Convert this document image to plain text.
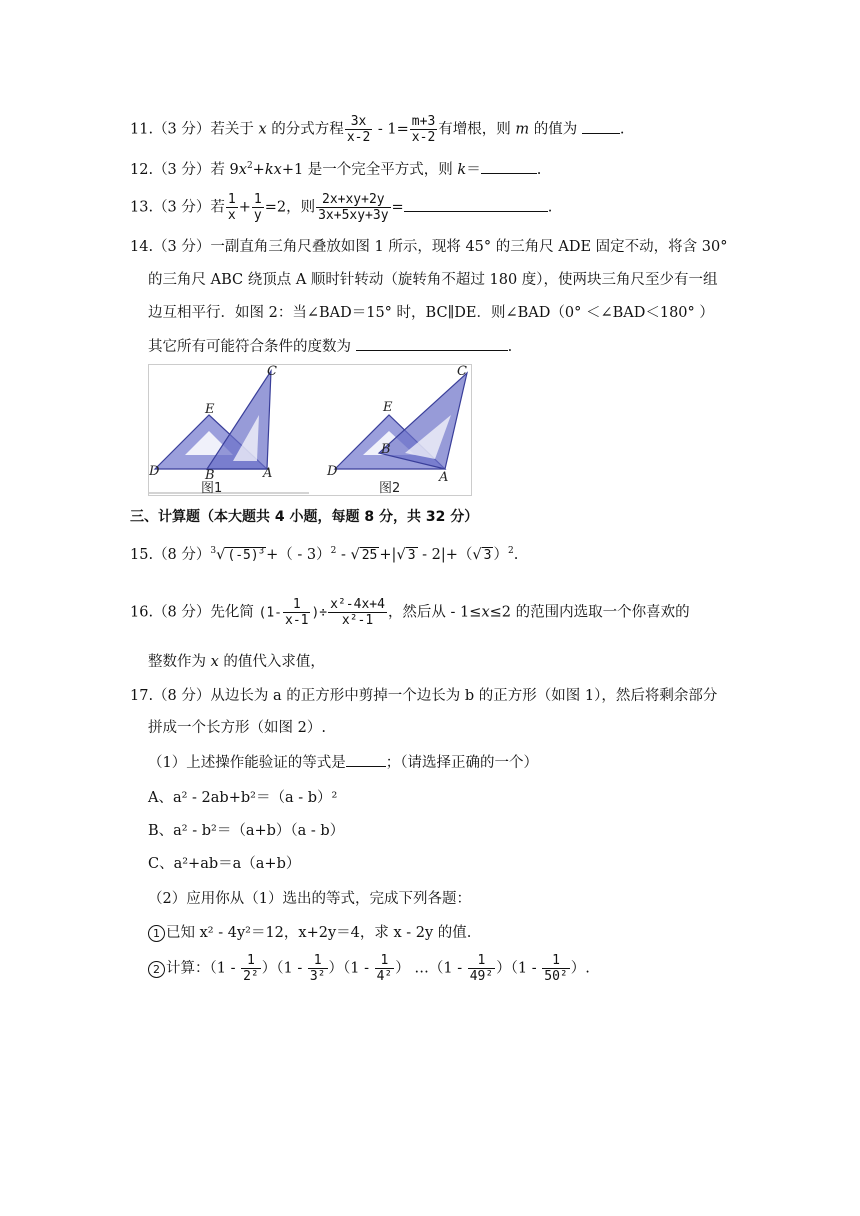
11.（3 分）若关于 x 的分式方程 $\frac{3x}{x-2} - 1= \frac{m+3}{x-2}$ 有增根，则 m 的值为	.
12.（3 分）若 $9x^2+kx+1$ 是一个完全平方式，则 k＝	.
13.（3 分）若 $\frac{1}{x} + \frac{1}{y} =2$，则 $\frac{2x+xy+2y}{3x+5xy+3y}$ =	.
14.（3 分）一副直角三角尺叠放如图 1 所示，现将 45° 的三角尺 ADE 固定不动，将含 30°
的三角尺 ABC 绕顶点 A 顺时针转动（旋转角不超过 180 度），使两块三角尺至少有一组
边互相平行．如图 2：当∠BAD＝15° 时，BC∥DE．则∠BAD（0° ＜∠BAD＜180° ）
其它所有可能符合条件的度数为	.
C
E
D	B	A
图1
C
E
D
B
A
图2
三、计算题（本大题共 4 小题，每题 8 分，共 32 分）
15.（8 分）$^3$√ $(-5)^3$ +（ - 3）$^2$ - √ 25 +|√ 3 - 2|+（√ 3 ）$^2$.
16.（8 分）先化简 ($1- \frac{1}{x-1}$ )÷ $\frac{\text{x²-4x+4}}{\text{x²-1}}$ ，然后从 - 1≤x≤2 的范围内选取一个你喜欢的
整数作为 x 的值代入求值，
17.（8 分）从边长为 a 的正方形中剪掉一个边长为 b 的正方形（如图 1），然后将剩余部分
拼成一个长方形（如图 2）.
（1）上述操作能验证的等式是	；（请选择正确的一个）
A、a² - 2ab+b²＝（a - b）²
B、a² - b²＝（a+b）（a - b）
C、a²+ab＝a（a+b）
（2）应用你从（1）选出的等式，完成下列各题：
1 已知 x² - 4y²＝12，x+2y＝4，求 x - 2y 的值.
2 计算：$(1 - \frac{1}{\text{2²}} )(1 - \frac{1}{\text{3²}} )(1 - \frac{1}{\text{4²}}$ ） …（1 - $\frac{1}{\text{49²}} )(1 - \frac{1}{\text{50²}}$ ）.
